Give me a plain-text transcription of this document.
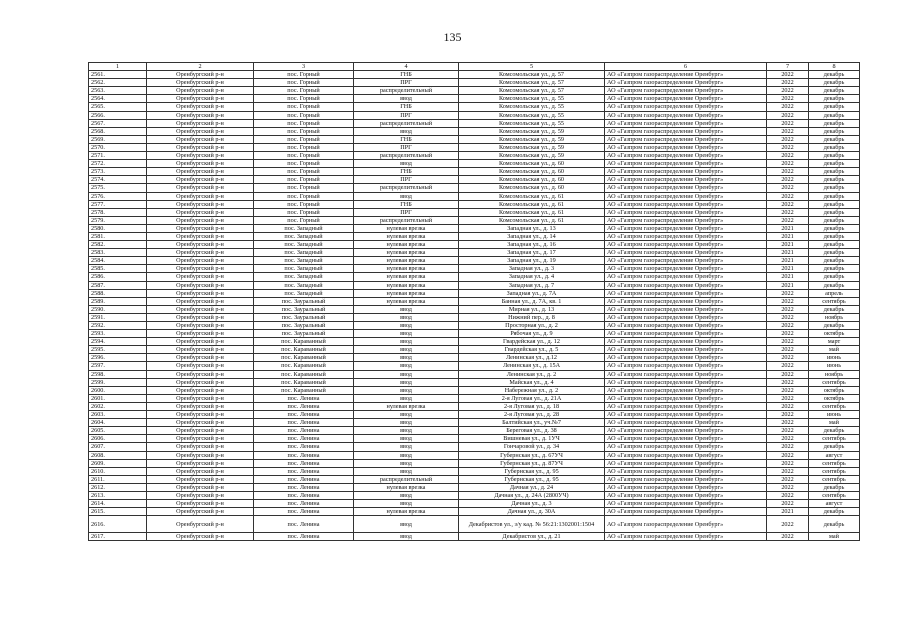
135
1	2	3	4	5	6	7	8
2561.	Оренбургский р-н	пос. Горный	ГНБ	Комсомольская ул., д. 57	АО «Газпром газораспределение Оренбург»	2022	декабрь
2562.	Оренбургский р-н	пос. Горный	ПРГ	Комсомольская ул., д. 57	АО «Газпром газораспределение Оренбург»	2022	декабрь
2563.	Оренбургский р-н	пос. Горный	распределительный	Комсомольская ул., д. 57	АО «Газпром газораспределение Оренбург»	2022	декабрь
2564.	Оренбургский р-н	пос. Горный	ввод	Комсомольская ул., д. 55	АО «Газпром газораспределение Оренбург»	2022	декабрь
2565.	Оренбургский р-н	пос. Горный	ГНБ	Комсомольская ул., д. 55	АО «Газпром газораспределение Оренбург»	2022	декабрь
2566.	Оренбургский р-н	пос. Горный	ПРГ	Комсомольская ул., д. 55	АО «Газпром газораспределение Оренбург»	2022	декабрь
2567.	Оренбургский р-н	пос. Горный	распределительный	Комсомольская ул., д. 55	АО «Газпром газораспределение Оренбург»	2022	декабрь
2568.	Оренбургский р-н	пос. Горный	ввод	Комсомольская ул., д. 59	АО «Газпром газораспределение Оренбург»	2022	декабрь
2569.	Оренбургский р-н	пос. Горный	ГНБ	Комсомольская ул., д. 59	АО «Газпром газораспределение Оренбург»	2022	декабрь
2570.	Оренбургский р-н	пос. Горный	ПРГ	Комсомольская ул., д. 59	АО «Газпром газораспределение Оренбург»	2022	декабрь
2571.	Оренбургский р-н	пос. Горный	распределительный	Комсомольская ул., д. 59	АО «Газпром газораспределение Оренбург»	2022	декабрь
2572.	Оренбургский р-н	пос. Горный	ввод	Комсомольская ул., д. 60	АО «Газпром газораспределение Оренбург»	2022	декабрь
2573.	Оренбургский р-н	пос. Горный	ГНБ	Комсомольская ул., д. 60	АО «Газпром газораспределение Оренбург»	2022	декабрь
2574.	Оренбургский р-н	пос. Горный	ПРГ	Комсомольская ул., д. 60	АО «Газпром газораспределение Оренбург»	2022	декабрь
2575.	Оренбургский р-н	пос. Горный	распределительный	Комсомольская ул., д. 60	АО «Газпром газораспределение Оренбург»	2022	декабрь
2576.	Оренбургский р-н	пос. Горный	ввод	Комсомольская ул., д. 61	АО «Газпром газораспределение Оренбург»	2022	декабрь
2577.	Оренбургский р-н	пос. Горный	ГНБ	Комсомольская ул., д. 61	АО «Газпром газораспределение Оренбург»	2022	декабрь
2578.	Оренбургский р-н	пос. Горный	ПРГ	Комсомольская ул., д. 61	АО «Газпром газораспределение Оренбург»	2022	декабрь
2579.	Оренбургский р-н	пос. Горный	распределительный	Комсомольская ул., д. 61	АО «Газпром газораспределение Оренбург»	2022	декабрь
2580.	Оренбургский р-н	пос. Западный	нулевая врезка	Западная ул., д. 13	АО «Газпром газораспределение Оренбург»	2021	декабрь
2581.	Оренбургский р-н	пос. Западный	нулевая врезка	Западная ул., д. 14	АО «Газпром газораспределение Оренбург»	2021	декабрь
2582.	Оренбургский р-н	пос. Западный	нулевая врезка	Западная ул., д. 16	АО «Газпром газораспределение Оренбург»	2021	декабрь
2583.	Оренбургский р-н	пос. Западный	нулевая врезка	Западная ул., д. 17	АО «Газпром газораспределение Оренбург»	2021	декабрь
2584.	Оренбургский р-н	пос. Западный	нулевая врезка	Западная ул., д. 19	АО «Газпром газораспределение Оренбург»	2021	декабрь
2585.	Оренбургский р-н	пос. Западный	нулевая врезка	Западная ул., д. 3	АО «Газпром газораспределение Оренбург»	2021	декабрь
2586.	Оренбургский р-н	пос. Западный	нулевая врезка	Западная ул., д. 4	АО «Газпром газораспределение Оренбург»	2021	декабрь
2587.	Оренбургский р-н	пос. Западный	нулевая врезка	Западная ул., д. 7	АО «Газпром газораспределение Оренбург»	2021	декабрь
2588.	Оренбургский р-н	пос. Западный	нулевая врезка	Западная ул., д. 7А	АО «Газпром газораспределение Оренбург»	2022	апрель
2589.	Оренбургский р-н	пос. Зауральный	нулевая врезка	Банная ул., д. 7А, кв. 1	АО «Газпром газораспределение Оренбург»	2022	сентябрь
2590.	Оренбургский р-н	пос. Зауральный	ввод	Мирная ул., д. 13	АО «Газпром газораспределение Оренбург»	2022	декабрь
2591.	Оренбургский р-н	пос. Зауральный	ввод	Нижний пер., д. 8	АО «Газпром газораспределение Оренбург»	2022	ноябрь
2592.	Оренбургский р-н	пос. Зауральный	ввод	Просторная ул., д. 2	АО «Газпром газораспределение Оренбург»	2022	декабрь
2593.	Оренбургский р-н	пос. Зауральный	ввод	Рябочая ул., д. 9	АО «Газпром газораспределение Оренбург»	2022	октябрь
2594.	Оренбургский р-н	пос. Караванный	ввод	Гвардейская ул., д. 12	АО «Газпром газораспределение Оренбург»	2022	март
2595.	Оренбургский р-н	пос. Караванный	ввод	Гвардейская ул., д. 5	АО «Газпром газораспределение Оренбург»	2022	май
2596.	Оренбургский р-н	пос. Караванный	ввод	Ленинская ул., д.12	АО «Газпром газораспределение Оренбург»	2022	июнь
2597.	Оренбургский р-н	пос. Караванный	ввод	Ленинская ул., д. 15А	АО «Газпром газораспределение Оренбург»	2022	июнь
2598.	Оренбургский р-н	пос. Караванный	ввод	Ленинская ул., д. 2	АО «Газпром газораспределение Оренбург»	2022	ноябрь
2599.	Оренбургский р-н	пос. Караванный	ввод	Майская ул., д. 4	АО «Газпром газораспределение Оренбург»	2022	сентябрь
2600.	Оренбургский р-н	пос. Караванный	ввод	Набережная ул., д. 2	АО «Газпром газораспределение Оренбург»	2022	октябрь
2601.	Оренбургский р-н	пос. Ленина	ввод	2-я Луговая ул., д. 21А	АО «Газпром газораспределение Оренбург»	2022	октябрь
2602.	Оренбургский р-н	пос. Ленина	нулевая врезка	2-я Луговая ул., д. 18	АО «Газпром газораспределение Оренбург»	2022	сентябрь
2603.	Оренбургский р-н	пос. Ленина	ввод	2-я Луговая ул., д. 28	АО «Газпром газораспределение Оренбург»	2022	июнь
2604.	Оренбургский р-н	пос. Ленина	ввод	Балтийская ул., уч.№7	АО «Газпром газораспределение Оренбург»	2022	май
2605.	Оренбургский р-н	пос. Ленина	ввод	Береговая ул., д. 38	АО «Газпром газораспределение Оренбург»	2022	декабрь
2606.	Оренбургский р-н	пос. Ленина	ввод	Вишневая ул., д. 1УЧ	АО «Газпром газораспределение Оренбург»	2022	сентябрь
2607.	Оренбургский р-н	пос. Ленина	ввод	Гончаровой ул., д. 34	АО «Газпром газораспределение Оренбург»	2022	декабрь
2608.	Оренбургский р-н	пос. Ленина	ввод	Губернская ул., д. 67УЧ	АО «Газпром газораспределение Оренбург»	2022	август
2609.	Оренбургский р-н	пос. Ленина	ввод	Губернская ул., д. 87УЧ	АО «Газпром газораспределение Оренбург»	2022	сентябрь
2610.	Оренбургский р-н	пос. Ленина	ввод	Губернская ул., д. 95	АО «Газпром газораспределение Оренбург»	2022	сентябрь
2611.	Оренбургский р-н	пос. Ленина	распределительный	Губернская ул., д. 95	АО «Газпром газораспределение Оренбург»	2022	сентябрь
2612.	Оренбургский р-н	пос. Ленина	нулевая врезка	Дачная ул., д. 24	АО «Газпром газораспределение Оренбург»	2022	декабрь
2613.	Оренбургский р-н	пос. Ленина	ввод	Дачная ул., д. 24А (2800УЧ)	АО «Газпром газораспределение Оренбург»	2022	сентябрь
2614.	Оренбургский р-н	пос. Ленина	ввод	Дачная ул., д. 3	АО «Газпром газораспределение Оренбург»	2022	август
2615.	Оренбургский р-н	пос. Ленина	нулевая врезка	Дачная ул., д. 30А	АО «Газпром газораспределение Оренбург»	2021	декабрь
2616.	Оренбургский р-н	пос. Ленина	ввод	Декабристов ул., з/у кад. № 56:21:1302001:1504	АО «Газпром газораспределение Оренбург»	2022	декабрь
2617.	Оренбургский р-н	пос. Ленина	ввод	Декабристов ул., д. 21	АО «Газпром газораспределение Оренбург»	2022	май
